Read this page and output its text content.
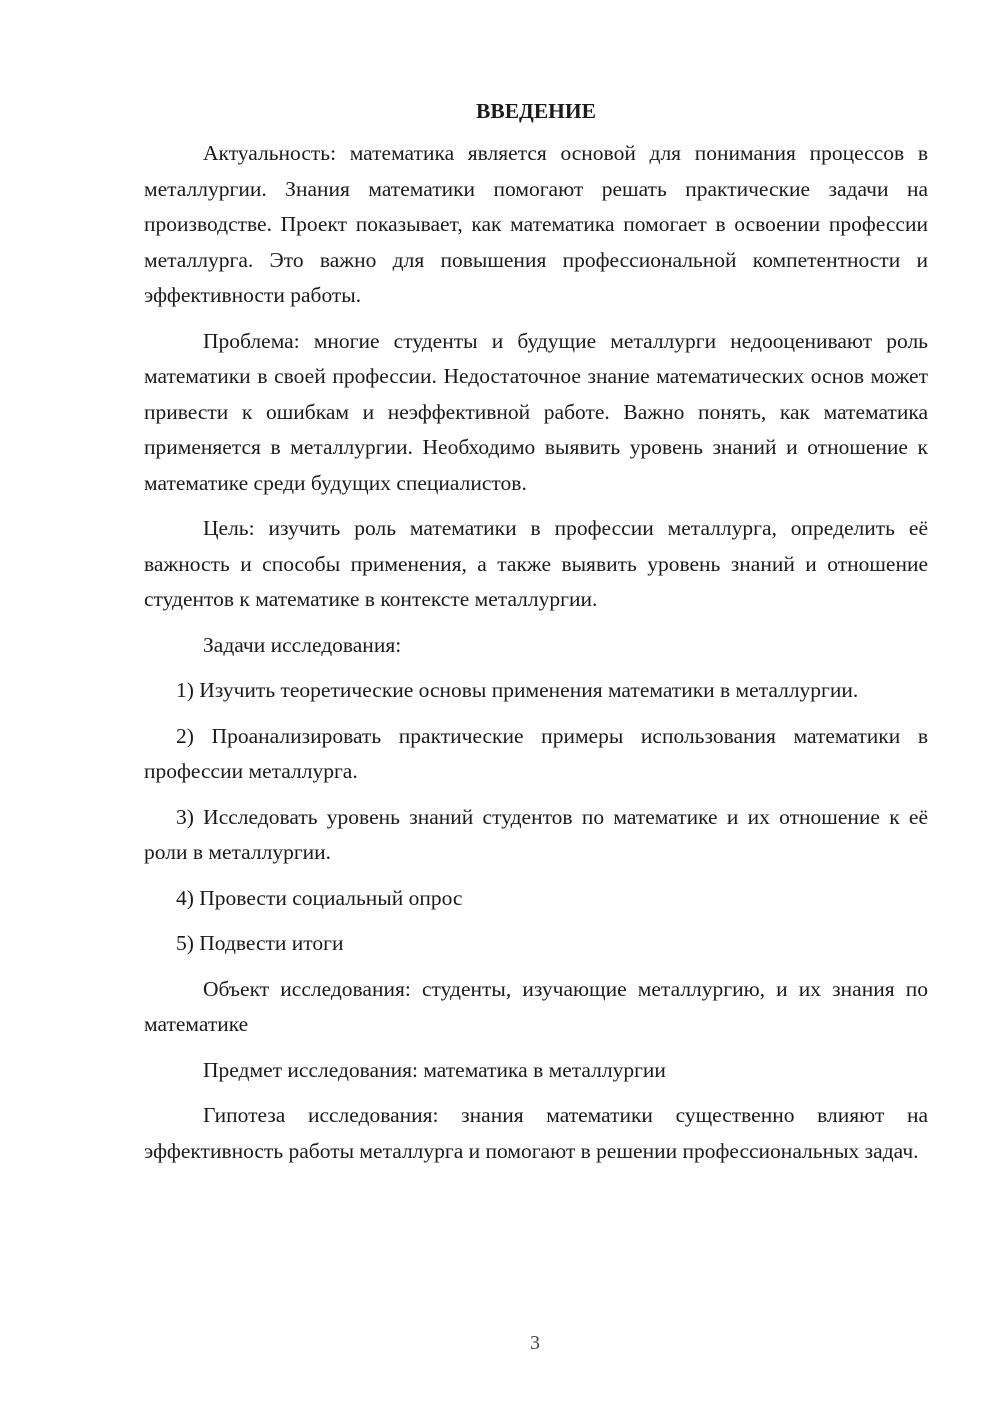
ВВЕДЕНИЕ

Актуальность: математика является основой для понимания процессов в металлургии. Знания математики помогают решать практические задачи на производстве. Проект показывает, как математика помогает в освоении профессии металлурга. Это важно для повышения профессиональной компетентности и эффективности работы.

Проблема: многие студенты и будущие металлурги недооценивают роль математики в своей профессии. Недостаточное знание математических основ может привести к ошибкам и неэффективной работе. Важно понять, как математика применяется в металлургии. Необходимо выявить уровень знаний и отношение к математике среди будущих специалистов.

Цель: изучить роль математики в профессии металлурга, определить её важность и способы применения, а также выявить уровень знаний и отношение студентов к математике в контексте металлургии.

Задачи исследования:

1) Изучить теоретические основы применения математики в металлургии.

2) Проанализировать практические примеры использования математики в профессии металлурга.

3) Исследовать уровень знаний студентов по математике и их отношение к её роли в металлургии.

4) Провести социальный опрос

5) Подвести итоги

Объект исследования: студенты, изучающие металлургию, и их знания по математике

Предмет исследования: математика в металлургии

Гипотеза исследования: знания математики существенно влияют на эффективность работы металлурга и помогают в решении профессиональных задач.

3
